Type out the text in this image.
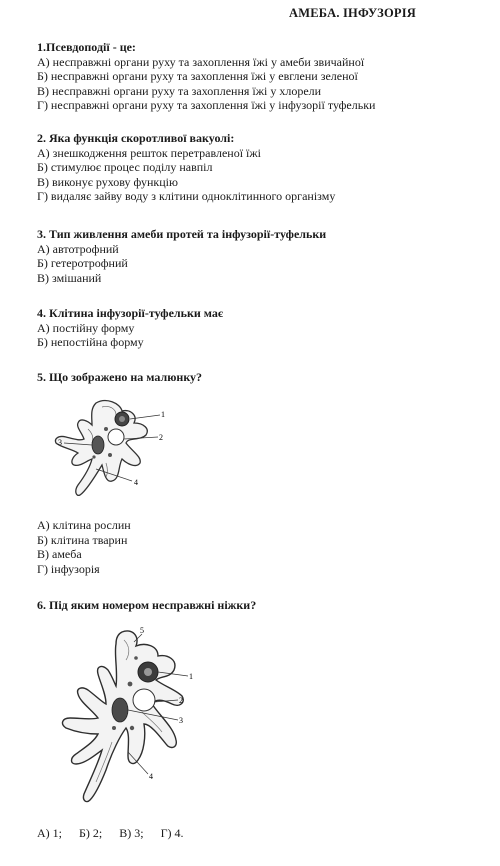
АМЕБА. ІНФУЗОРІЯ
1.Псевдоподії - це:
А) несправжні органи руху та захоплення їжі у амеби звичайної
Б) несправжні органи руху та захоплення їжі у евглени зеленої
В) несправжні органи руху та захоплення їжі у хлорели
Г) несправжні органи руху та захоплення їжі у інфузорії туфельки
2. Яка функція скоротливої вакуолі:
А) знешкодження решток перетравленої їжі
Б) стимулює процес поділу навпіл
В) виконує рухову функцію
Г) видаляє зайву воду з клітини одноклітинного організму
3. Тип живлення амеби протей та інфузорії-туфельки
А) автотрофний
Б) гетеротрофний
В) змішаний
4. Клітина інфузорії-туфельки має
А) постійну форму
Б) непостійна форму
5. Що зображено на малюнку?
1
2
3
4
А) клітина рослин
Б) клітина тварин
В) амеба
Г) інфузорія
6. Під яким номером несправжні ніжки?
5
1
2
3
4
А) 1; Б) 2; В) 3; Г) 4.
